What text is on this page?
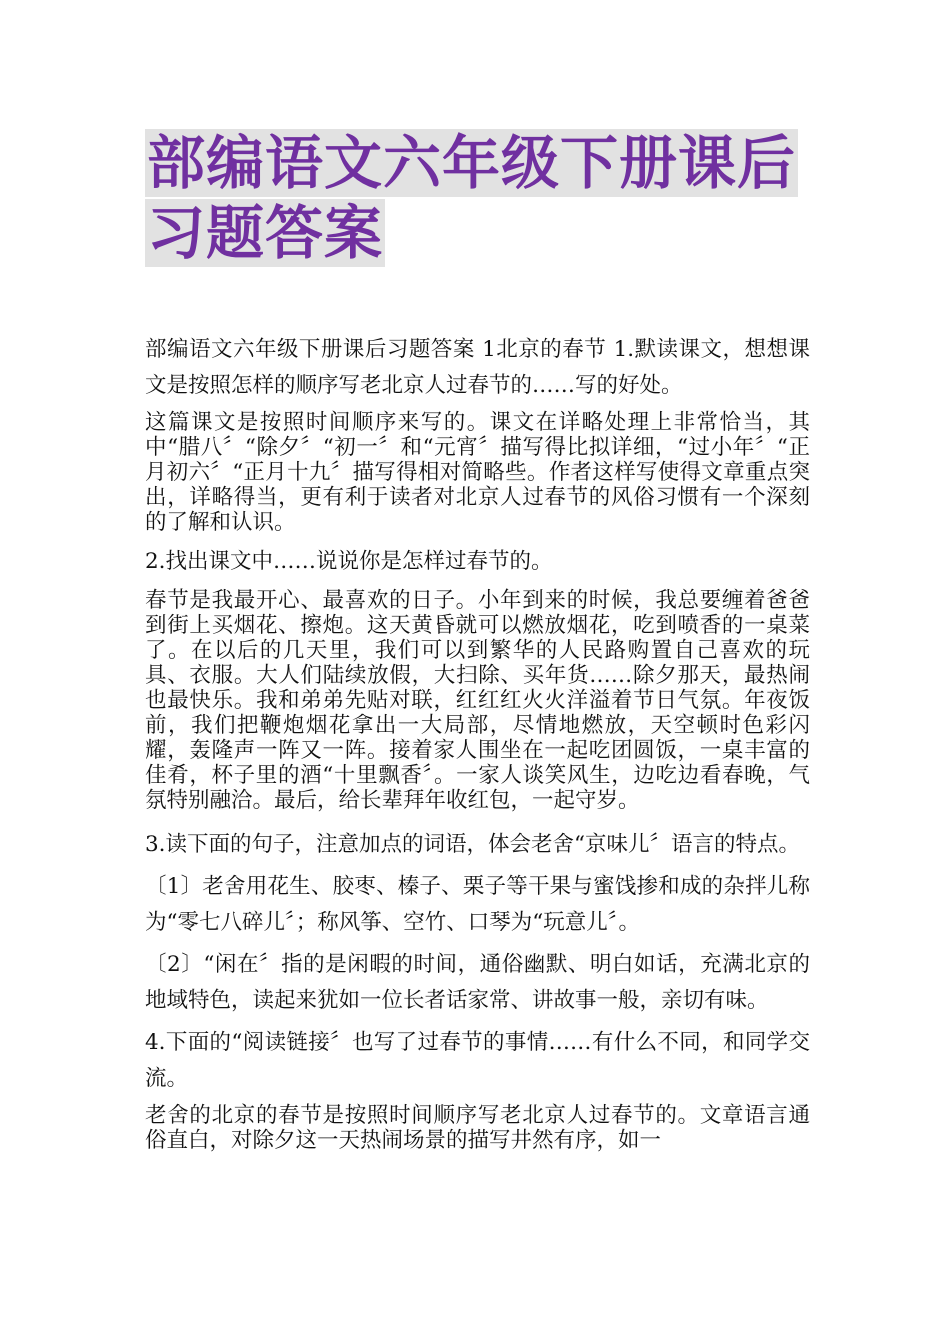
部编语文六年级下册课后习题答案

部编语文六年级下册课后习题答案 1北京的春节 1.默读课文，想想课文是按照怎样的顺序写老北京人过春节的……写的好处。

这篇课文是按照时间顺序来写的。课文在详略处理上非常恰当，其中“腊八〞“除夕〞“初一〞和“元宵〞描写得比拟详细，“过小年〞“正月初六〞“正月十九〞描写得相对简略些。作者这样写使得文章重点突出，详略得当，更有利于读者对北京人过春节的风俗习惯有一个深刻的了解和认识。

2.找出课文中……说说你是怎样过春节的。

春节是我最开心、最喜欢的日子。小年到来的时候，我总要缠着爸爸到街上买烟花、擦炮。这天黄昏就可以燃放烟花，吃到喷香的一桌菜了。在以后的几天里，我们可以到繁华的人民路购置自己喜欢的玩具、衣服。大人们陆续放假，大扫除、买年货……除夕那天，最热闹也最快乐。我和弟弟先贴对联，红红红火火洋溢着节日气氛。年夜饭前，我们把鞭炮烟花拿出一大局部，尽情地燃放，天空顿时色彩闪耀，轰隆声一阵又一阵。接着家人围坐在一起吃团圆饭，一桌丰富的佳肴，杯子里的酒“十里飘香〞。一家人谈笑风生，边吃边看春晚，气氛特别融洽。最后，给长辈拜年收红包，一起守岁。

3.读下面的句子，注意加点的词语，体会老舍“京味儿〞语言的特点。

〔1〕老舍用花生、胶枣、榛子、栗子等干果与蜜饯掺和成的杂拌儿称为“零七八碎儿〞；称风筝、空竹、口琴为“玩意儿〞。

〔2〕“闲在〞指的是闲暇的时间，通俗幽默、明白如话，充满北京的地域特色，读起来犹如一位长者话家常、讲故事一般，亲切有味。

4.下面的“阅读链接〞也写了过春节的事情……有什么不同，和同学交流。

老舍的北京的春节是按照时间顺序写老北京人过春节的。文章语言通俗直白，对除夕这一天热闹场景的描写井然有序，如一
